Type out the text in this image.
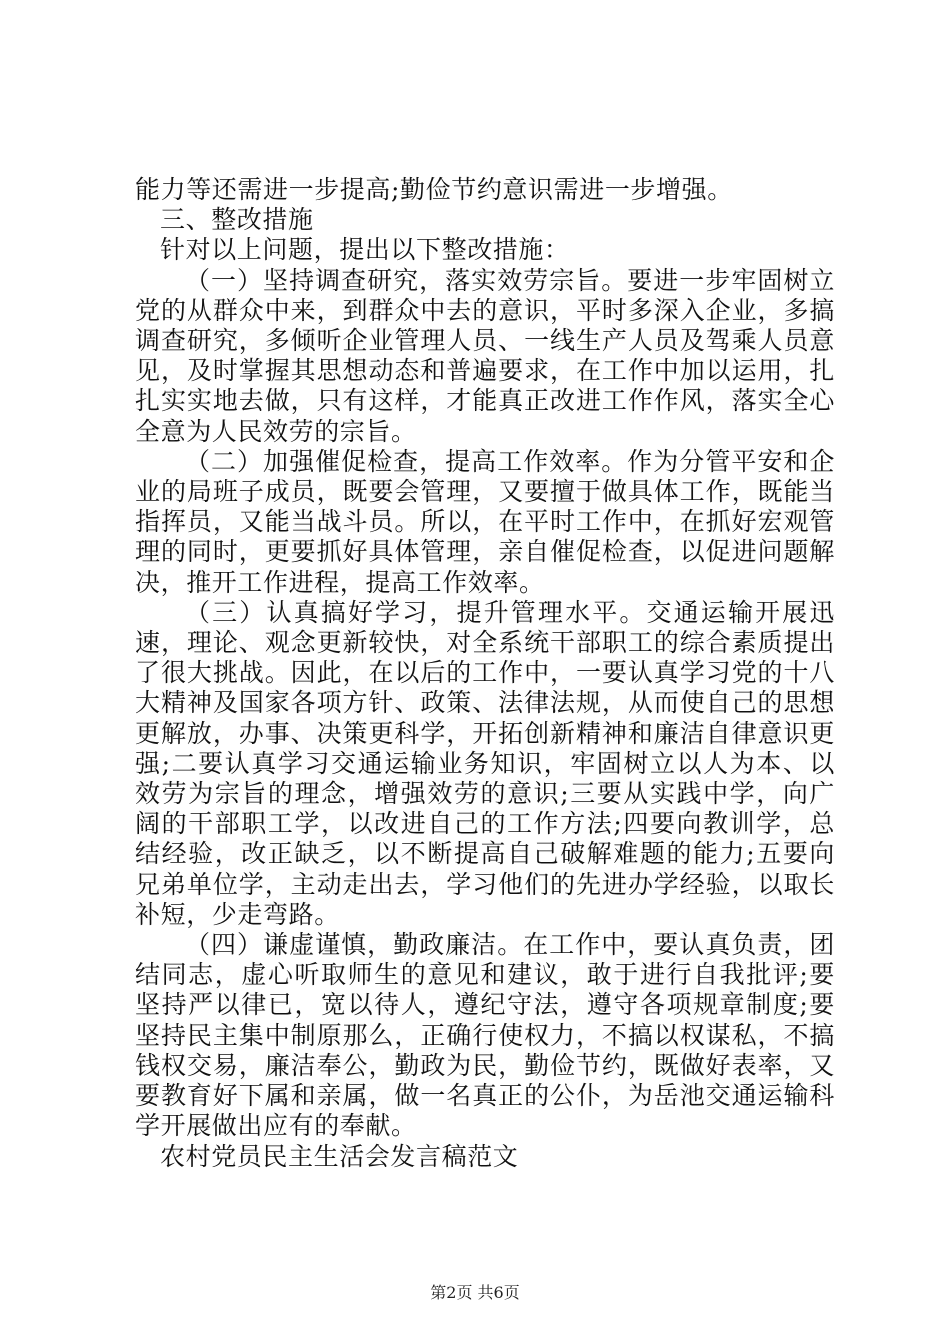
能力等还需进一步提高;勤俭节约意识需进一步增强。

三、整改措施

针对以上问题，提出以下整改措施：

（一）坚持调查研究，落实效劳宗旨。要进一步牢固树立党的从群众中来，到群众中去的意识，平时多深入企业，多搞调查研究，多倾听企业管理人员、一线生产人员及驾乘人员意见，及时掌握其思想动态和普遍要求，在工作中加以运用，扎扎实实地去做，只有这样，才能真正改进工作作风，落实全心全意为人民效劳的宗旨。

（二）加强催促检查，提高工作效率。作为分管平安和企业的局班子成员，既要会管理，又要擅于做具体工作，既能当指挥员，又能当战斗员。所以，在平时工作中，在抓好宏观管理的同时，更要抓好具体管理，亲自催促检查，以促进问题解决，推开工作进程，提高工作效率。

（三）认真搞好学习，提升管理水平。交通运输开展迅速，理论、观念更新较快，对全系统干部职工的综合素质提出了很大挑战。因此，在以后的工作中，一要认真学习党的十八大精神及国家各项方针、政策、法律法规，从而使自己的思想更解放，办事、决策更科学，开拓创新精神和廉洁自律意识更强;二要认真学习交通运输业务知识，牢固树立以人为本、以效劳为宗旨的理念，增强效劳的意识;三要从实践中学，向广阔的干部职工学，以改进自己的工作方法;四要向教训学，总结经验，改正缺乏，以不断提高自己破解难题的能力;五要向兄弟单位学，主动走出去，学习他们的先进办学经验，以取长补短，少走弯路。

（四）谦虚谨慎，勤政廉洁。在工作中，要认真负责，团结同志，虚心听取师生的意见和建议，敢于进行自我批评;要坚持严以律已，宽以待人，遵纪守法，遵守各项规章制度;要坚持民主集中制原那么，正确行使权力，不搞以权谋私，不搞钱权交易，廉洁奉公，勤政为民，勤俭节约，既做好表率，又要教育好下属和亲属，做一名真正的公仆，为岳池交通运输科学开展做出应有的奉献。

农村党员民主生活会发言稿范文

第2页 共6页
